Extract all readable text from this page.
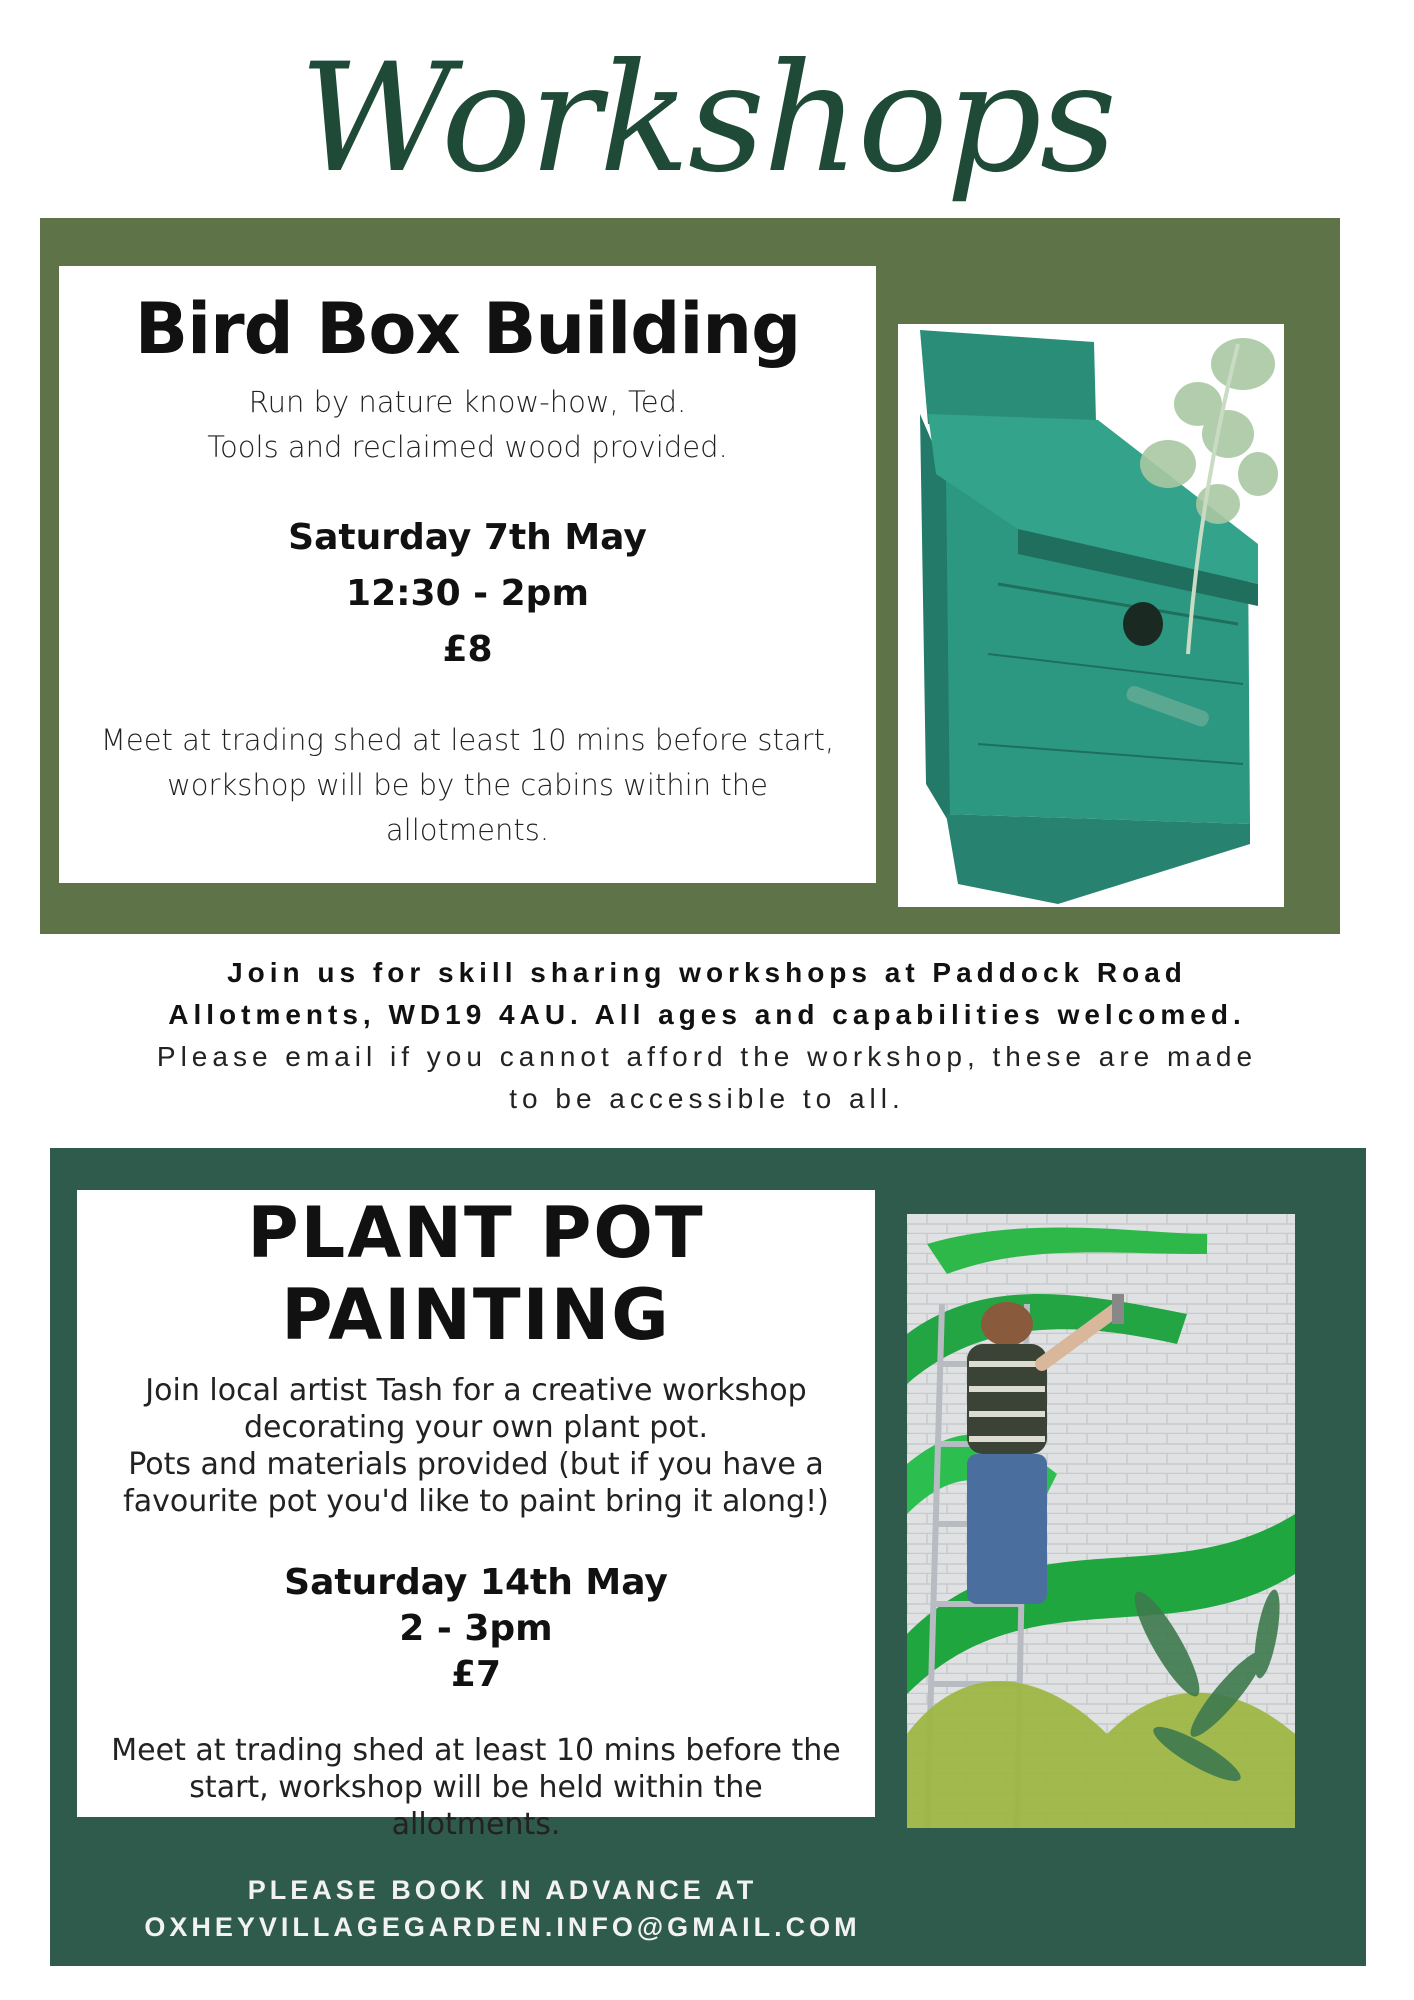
Workshops
Bird Box Building
Run by nature know-how, Ted.
Tools and reclaimed wood provided.
Saturday 7th May
12:30 - 2pm
£8
Meet at trading shed at least 10 mins before start,
workshop will be by the cabins within the
allotments.
Join us for skill sharing workshops at Paddock Road
Allotments, WD19 4AU. All ages and capabilities welcomed.
Please email if you cannot afford the workshop, these are made
to be accessible to all.
PLANT POT PAINTING
Join local artist Tash for a creative workshop
decorating your own plant pot.
Pots and materials provided (but if you have a
favourite pot you'd like to paint bring it along!)
Saturday 14th May
2 - 3pm
£7
Meet at trading shed at least 10 mins before the
start, workshop will be held within the
allotments.
PLEASE BOOK IN ADVANCE AT
OXHEYVILLAGEGARDEN.INFO@GMAIL.COM
